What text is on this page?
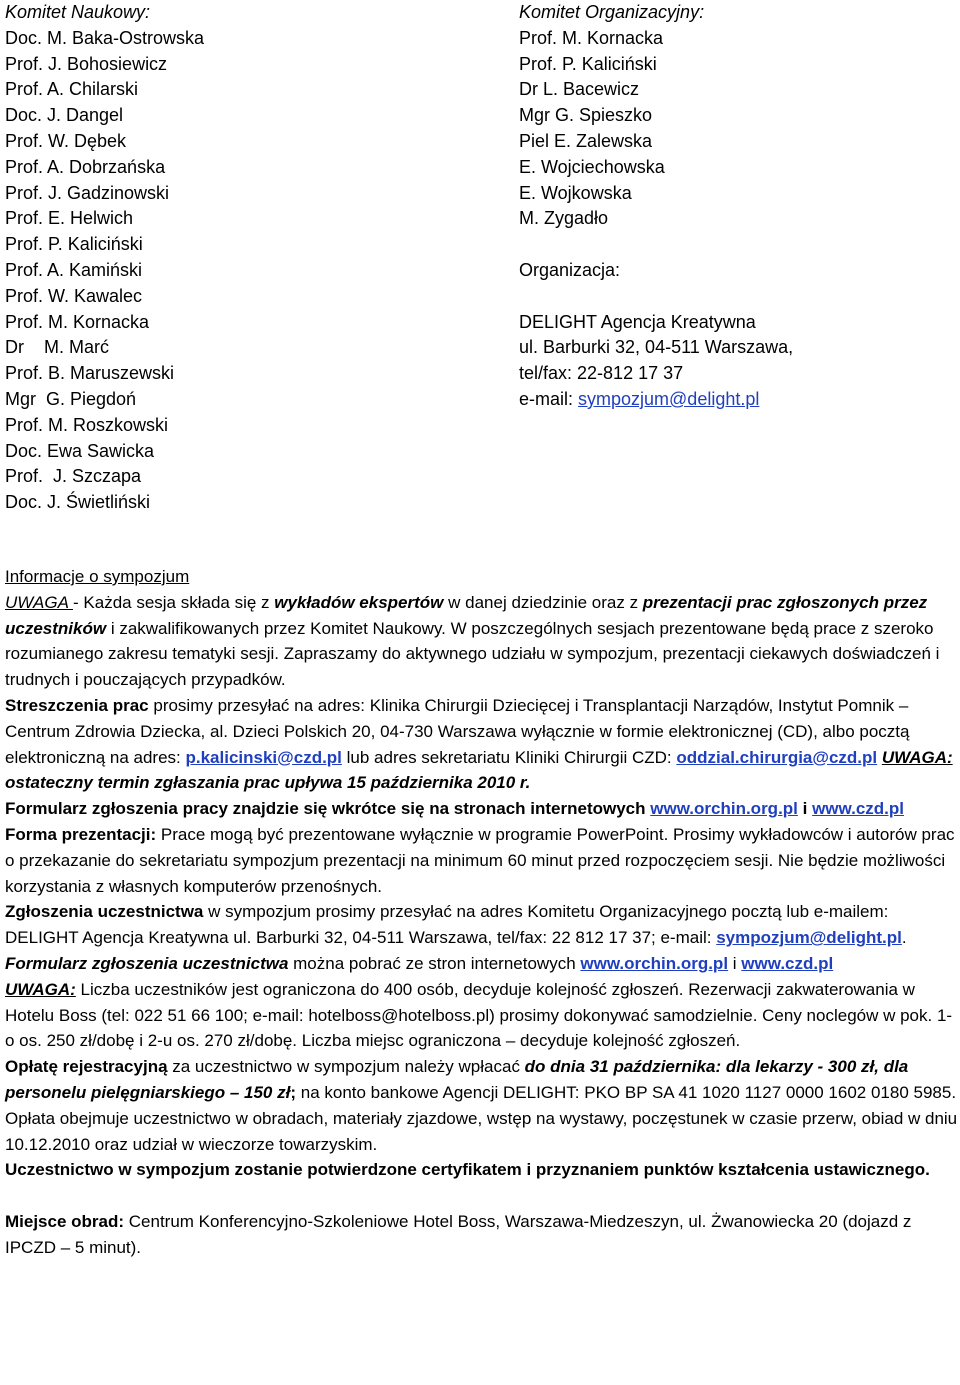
Komitet Naukowy:
Doc. M. Baka-Ostrowska
Prof. J. Bohosiewicz
Prof. A. Chilarski
Doc. J. Dangel
Prof. W. Dębek
Prof. A. Dobrzańska
Prof. J. Gadzinowski
Prof. E. Helwich
Prof. P. Kaliciński
Prof. A. Kamiński
Prof. W. Kawalec
Prof. M. Kornacka
Dr    M. Marć
Prof. B. Maruszewski
Mgr  G. Piegdoń
Prof. M. Roszkowski
Doc. Ewa Sawicka
Prof.  J. Szczapa
Doc. J. Świetliński
Komitet Organizacyjny:
Prof. M. Kornacka
Prof. P. Kaliciński
Dr L. Bacewicz
Mgr G. Spieszko
Piel E. Zalewska
E. Wojciechowska
E. Wojkowska
M. Zygadło
Organizacja:
DELIGHT Agencja Kreatywna
ul. Barburki 32, 04-511 Warszawa,
tel/fax: 22-812 17 37
e-mail: sympozjum@delight.pl

Informacje o sympozjum

UWAGA - Każda sesja składa się z wykładów ekspertów w danej dziedzinie oraz z prezentacji prac zgłoszonych przez uczestników i zakwalifikowanych przez Komitet Naukowy. W poszczególnych sesjach prezentowane będą prace z szeroko rozumianego zakresu tematyki sesji. Zapraszamy do aktywnego udziału w sympozjum, prezentacji ciekawych doświadczeń i trudnych i pouczających przypadków.

Streszczenia prac prosimy przesyłać na adres: Klinika Chirurgii Dziecięcej i Transplantacji Narządów, Instytut Pomnik – Centrum Zdrowia Dziecka, al. Dzieci Polskich 20, 04-730 Warszawa wyłącznie w formie elektronicznej (CD), albo pocztą elektroniczną na adres: p.kalicinski@czd.pl lub adres sekretariatu Kliniki Chirurgii CZD: oddzial.chirurgia@czd.pl UWAGA: ostateczny termin zgłaszania prac upływa 15 października 2010 r.

Formularz zgłoszenia pracy znajdzie się wkrótce się na stronach internetowych www.orchin.org.pl i www.czd.pl

Forma prezentacji: Prace mogą być prezentowane wyłącznie w programie PowerPoint. Prosimy wykładowców i autorów prac o przekazanie do sekretariatu sympozjum prezentacji na minimum 60 minut przed rozpoczęciem sesji. Nie będzie możliwości korzystania z własnych komputerów przenośnych.

Zgłoszenia uczestnictwa w sympozjum prosimy przesyłać na adres Komitetu Organizacyjnego pocztą lub e-mailem: DELIGHT Agencja Kreatywna ul. Barburki 32, 04-511 Warszawa, tel/fax: 22 812 17 37; e-mail: sympozjum@delight.pl. Formularz zgłoszenia uczestnictwa można pobrać ze stron internetowych www.orchin.org.pl i www.czd.pl

UWAGA: Liczba uczestników jest ograniczona do 400 osób, decyduje kolejność zgłoszeń. Rezerwacji zakwaterowania w Hotelu Boss (tel: 022 51 66 100; e-mail: hotelboss@hotelboss.pl) prosimy dokonywać samodzielnie. Ceny noclegów w pok. 1-o os. 250 zł/dobę i 2-u os. 270 zł/dobę. Liczba miejsc ograniczona – decyduje kolejność zgłoszeń.

Opłatę rejestracyjną za uczestnictwo w sympozjum należy wpłacać do dnia 31 października: dla lekarzy - 300 zł, dla personelu pielęgniarskiego – 150 zł; na konto bankowe Agencji DELIGHT: PKO BP SA 41 1020 1127 0000 1602 0180 5985. Opłata obejmuje uczestnictwo w obradach, materiały zjazdowe, wstęp na wystawy, poczęstunek w czasie przerw, obiad w dniu 10.12.2010 oraz udział w wieczorze towarzyskim.

Uczestnictwo w sympozjum zostanie potwierdzone certyfikatem i przyznaniem punktów kształcenia ustawicznego.

Miejsce obrad: Centrum Konferencyjno-Szkoleniowe Hotel Boss, Warszawa-Miedzeszyn, ul. Żwanowiecka 20 (dojazd z IPCZD – 5 minut).
